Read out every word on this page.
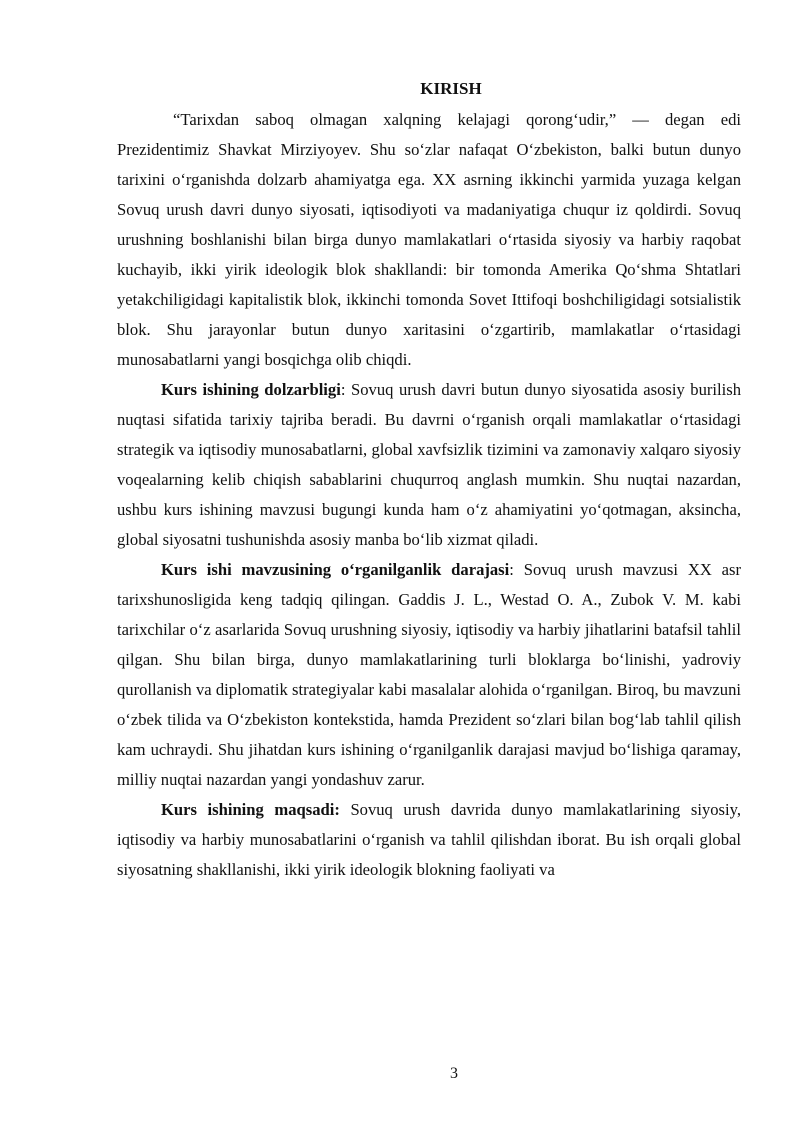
KIRISH

“Tarixdan saboq olmagan xalqning kelajagi qorong‘udir,” — degan edi Prezidentimiz Shavkat Mirziyoyev. Shu so‘zlar nafaqat O‘zbekiston, balki butun dunyo tarixini o‘rganishda dolzarb ahamiyatga ega. XX asrning ikkinchi yarmida yuzaga kelgan Sovuq urush davri dunyo siyosati, iqtisodiyoti va madaniyatiga chuqur iz qoldirdi. Sovuq urushning boshlanishi bilan birga dunyo mamlakatlari o‘rtasida siyosiy va harbiy raqobat kuchayib, ikki yirik ideologik blok shakllandi: bir tomonda Amerika Qo‘shma Shtatlari yetakchiligidagi kapitalistik blok, ikkinchi tomonda Sovet Ittifoqi boshchiligidagi sotsialistik blok. Shu jarayonlar butun dunyo xaritasini o‘zgartirib, mamlakatlar o‘rtasidagi munosabatlarni yangi bosqichga olib chiqdi.

Kurs ishining dolzarbligi: Sovuq urush davri butun dunyo siyosatida asosiy burilish nuqtasi sifatida tarixiy tajriba beradi. Bu davrni o‘rganish orqali mamlakatlar o‘rtasidagi strategik va iqtisodiy munosabatlarni, global xavfsizlik tizimini va zamonaviy xalqaro siyosiy voqealarning kelib chiqish sabablarini chuqurroq anglash mumkin. Shu nuqtai nazardan, ushbu kurs ishining mavzusi bugungi kunda ham o‘z ahamiyatini yo‘qotmagan, aksincha, global siyosatni tushunishda asosiy manba bo‘lib xizmat qiladi.

Kurs ishi mavzusining o‘rganilganlik darajasi: Sovuq urush mavzusi XX asr tarixshunosligida keng tadqiq qilingan. Gaddis J. L., Westad O. A., Zubok V. M. kabi tarixchilar o‘z asarlarida Sovuq urushning siyosiy, iqtisodiy va harbiy jihatlarini batafsil tahlil qilgan. Shu bilan birga, dunyo mamlakatlarining turli bloklarga bo‘linishi, yadroviy qurollanish va diplomatik strategiyalar kabi masalalar alohida o‘rganilgan. Biroq, bu mavzuni o‘zbek tilida va O‘zbekiston kontekstida, hamda Prezident so‘zlari bilan bog‘lab tahlil qilish kam uchraydi. Shu jihatdan kurs ishining o‘rganilganlik darajasi mavjud bo‘lishiga qaramay, milliy nuqtai nazardan yangi yondashuv zarur.

Kurs ishining maqsadi: Sovuq urush davrida dunyo mamlakatlarining siyosiy, iqtisodiy va harbiy munosabatlarini o‘rganish va tahlil qilishdan iborat. Bu ish orqali global siyosatning shakllanishi, ikki yirik ideologik blokning faoliyati va

3
